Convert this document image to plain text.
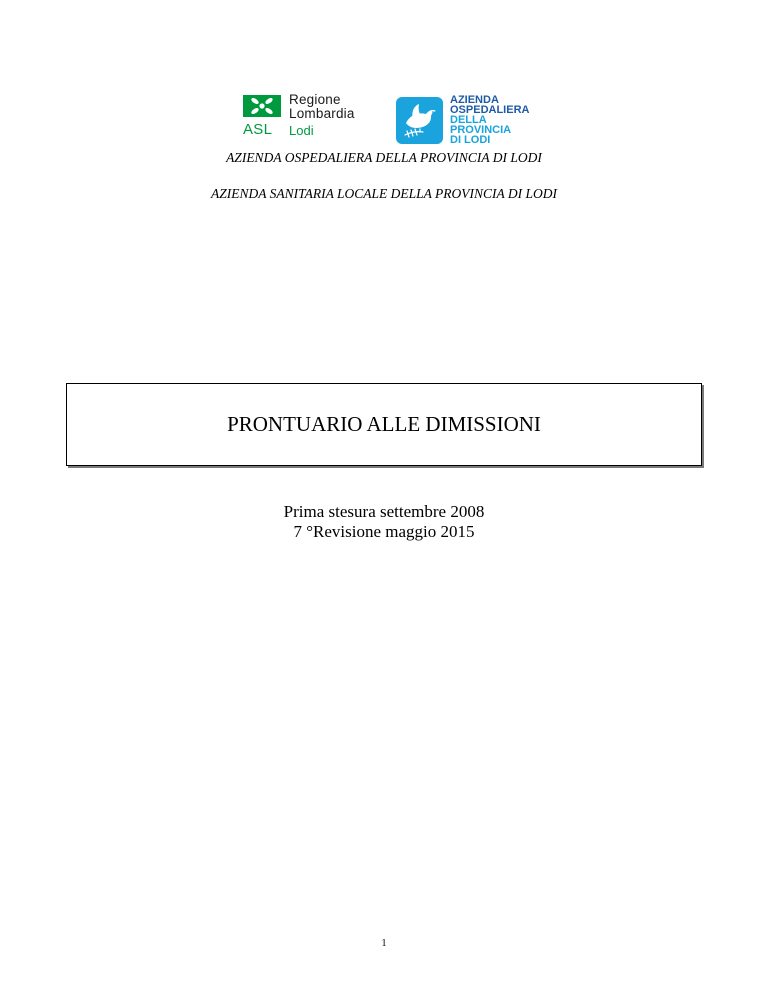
Regione
Lombardia
ASL Lodi
AZIENDA
OSPEDALIERA
DELLA
PROVINCIA
DI LODI
AZIENDA OSPEDALIERA DELLA PROVINCIA DI LODI
AZIENDA SANITARIA LOCALE DELLA PROVINCIA DI LODI
PRONTUARIO ALLE DIMISSIONI
Prima stesura settembre 2008
7 °Revisione maggio 2015
1
